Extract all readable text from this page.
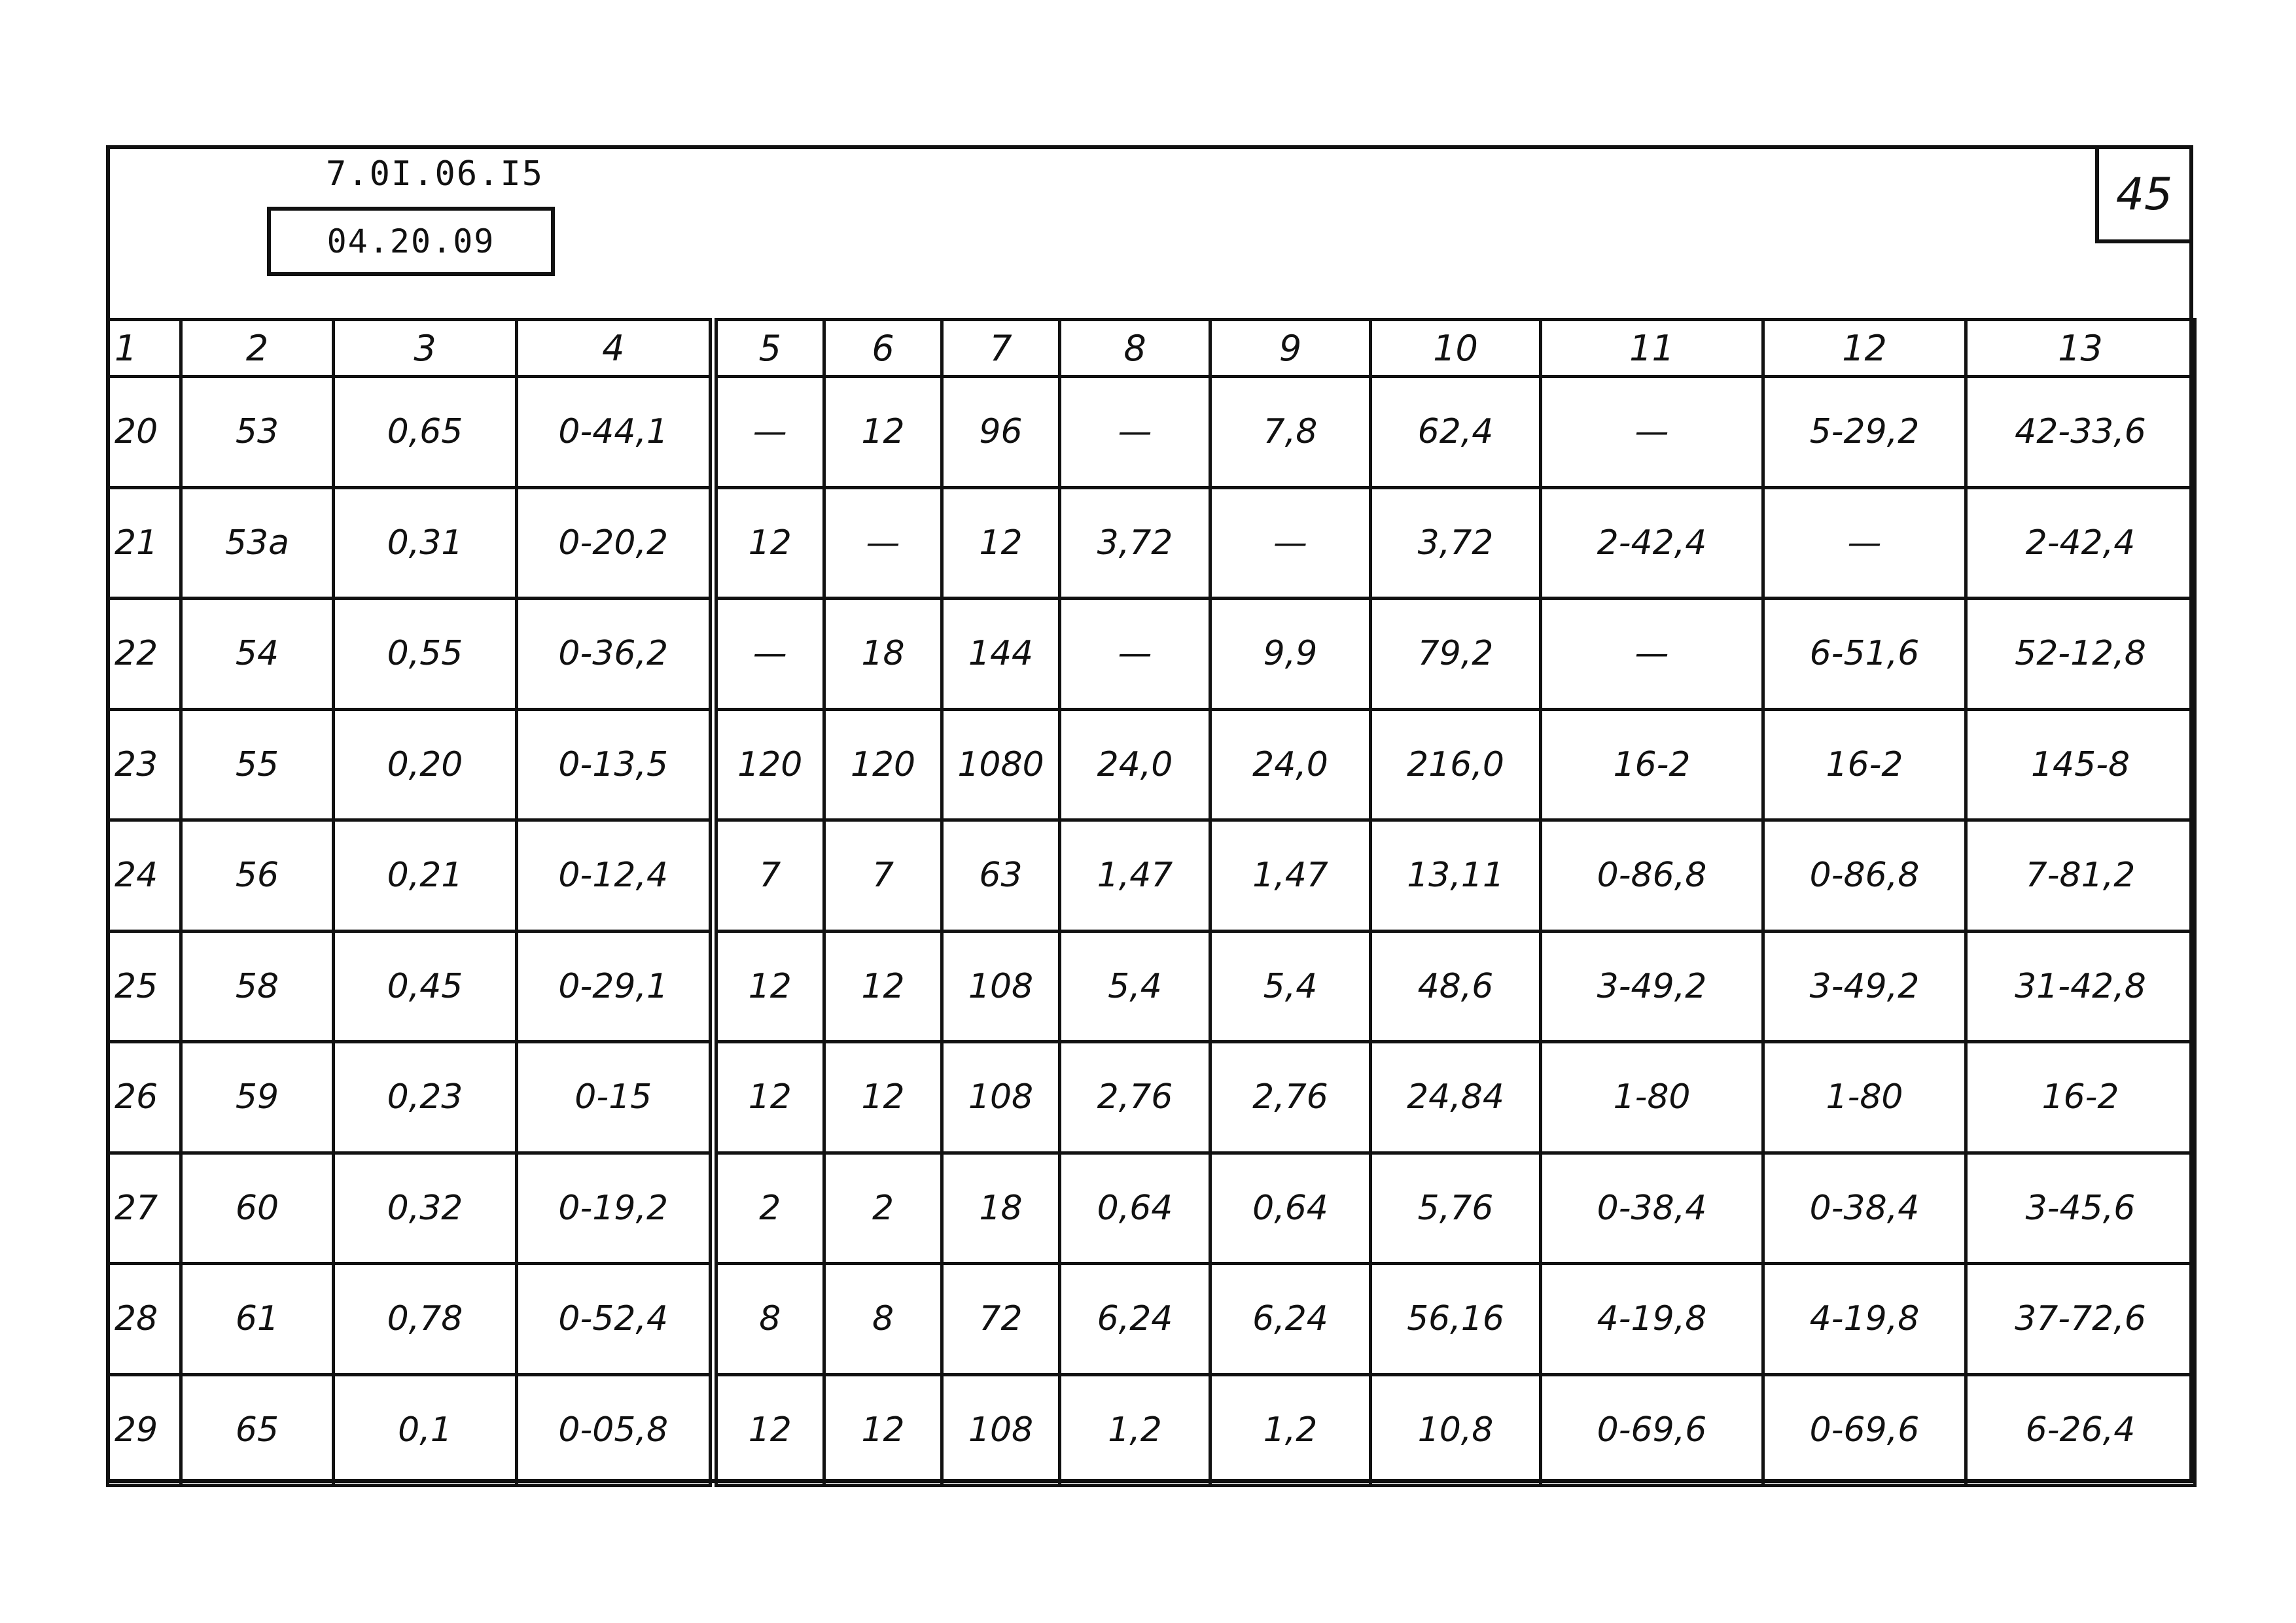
7.0I.06.I5
04.20.09
45
1	2	3	4	5	6	7	8	9	10	11	12	13
20	53	0,65	0-44,1	—	12	96	—	7,8	62,4	—	5-29,2	42-33,6
21	53а	0,31	0-20,2	12	—	12	3,72	—	3,72	2-42,4	—	2-42,4
22	54	0,55	0-36,2	—	18	144	—	9,9	79,2	—	6-51,6	52-12,8
23	55	0,20	0-13,5	120	120	1080	24,0	24,0	216,0	16-2	16-2	145-8
24	56	0,21	0-12,4	7	7	63	1,47	1,47	13,11	0-86,8	0-86,8	7-81,2
25	58	0,45	0-29,1	12	12	108	5,4	5,4	48,6	3-49,2	3-49,2	31-42,8
26	59	0,23	0-15	12	12	108	2,76	2,76	24,84	1-80	1-80	16-2
27	60	0,32	0-19,2	2	2	18	0,64	0,64	5,76	0-38,4	0-38,4	3-45,6
28	61	0,78	0-52,4	8	8	72	6,24	6,24	56,16	4-19,8	4-19,8	37-72,6
29	65	0,1	0-05,8	12	12	108	1,2	1,2	10,8	0-69,6	0-69,6	6-26,4
